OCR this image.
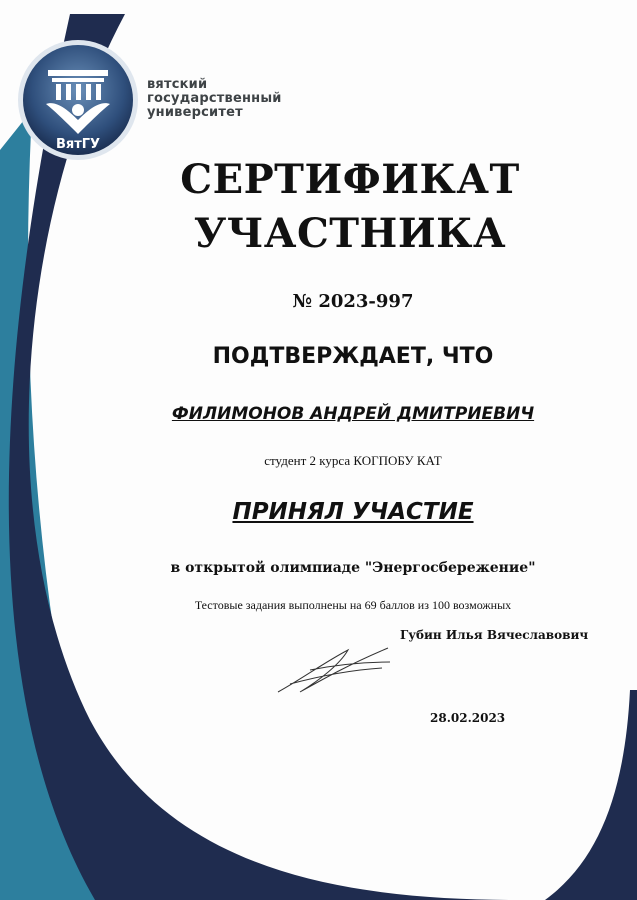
ВятГУ
вятский
государственный
университет
СЕРТИФИКАТ
УЧАСТНИКА
№ 2023-997
ПОДТВЕРЖДАЕТ, ЧТО
ФИЛИМОНОВ АНДРЕЙ ДМИТРИЕВИЧ
студент 2 курса КОГПОБУ КАТ
ПРИНЯЛ УЧАСТИЕ
в открытой олимпиаде "Энергосбережение"
Тестовые задания выполнены на 69 баллов из 100 возможных
Губин Илья Вячеславович
28.02.2023
